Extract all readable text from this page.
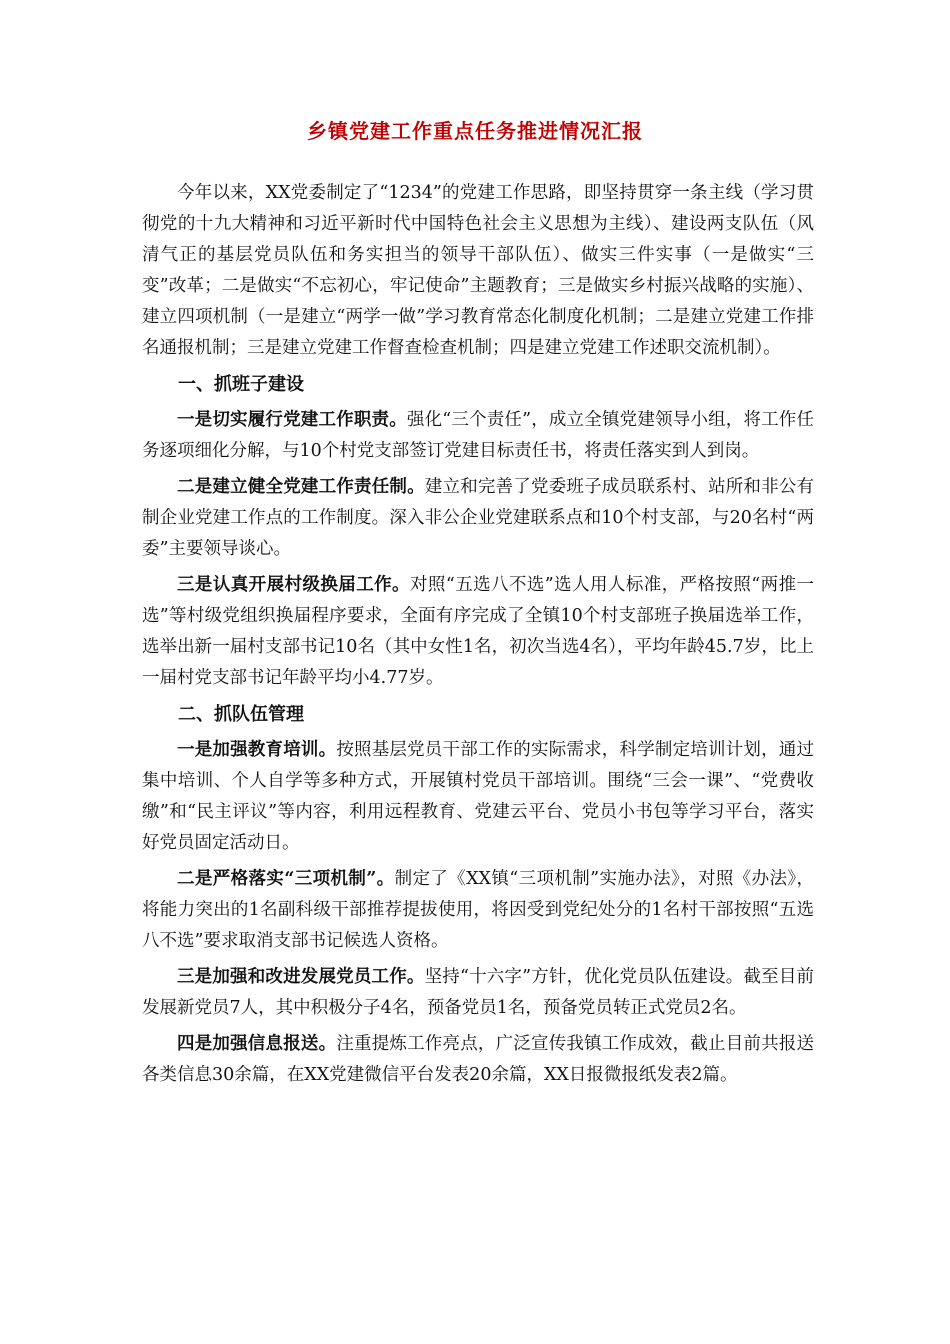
乡镇党建工作重点任务推进情况汇报

今年以来，XX党委制定了“1234”的党建工作思路，即坚持贯穿一条主线（学习贯彻党的十九大精神和习近平新时代中国特色社会主义思想为主线）、建设两支队伍（风清气正的基层党员队伍和务实担当的领导干部队伍）、做实三件实事（一是做实“三变”改革；二是做实“不忘初心，牢记使命”主题教育；三是做实乡村振兴战略的实施）、建立四项机制（一是建立“两学一做”学习教育常态化制度化机制；二是建立党建工作排名通报机制；三是建立党建工作督查检查机制；四是建立党建工作述职交流机制）。

一、抓班子建设

一是切实履行党建工作职责。强化“三个责任”，成立全镇党建领导小组，将工作任务逐项细化分解，与10个村党支部签订党建目标责任书，将责任落实到人到岗。

二是建立健全党建工作责任制。建立和完善了党委班子成员联系村、站所和非公有制企业党建工作点的工作制度。深入非公企业党建联系点和10个村支部，与20名村“两委”主要领导谈心。

三是认真开展村级换届工作。对照“五选八不选”选人用人标准，严格按照“两推一选”等村级党组织换届程序要求，全面有序完成了全镇10个村支部班子换届选举工作，选举出新一届村支部书记10名（其中女性1名，初次当选4名），平均年龄45.7岁，比上一届村党支部书记年龄平均小4.77岁。

二、抓队伍管理

一是加强教育培训。按照基层党员干部工作的实际需求，科学制定培训计划，通过集中培训、个人自学等多种方式，开展镇村党员干部培训。围绕“三会一课”、“党费收缴”和“民主评议”等内容，利用远程教育、党建云平台、党员小书包等学习平台，落实好党员固定活动日。

二是严格落实“三项机制”。制定了《XX镇“三项机制”实施办法》，对照《办法》，将能力突出的1名副科级干部推荐提拔使用，将因受到党纪处分的1名村干部按照“五选八不选”要求取消支部书记候选人资格。

三是加强和改进发展党员工作。坚持“十六字”方针，优化党员队伍建设。截至目前发展新党员7人，其中积极分子4名，预备党员1名，预备党员转正式党员2名。

四是加强信息报送。注重提炼工作亮点，广泛宣传我镇工作成效，截止目前共报送各类信息30余篇，在XX党建微信平台发表20余篇，XX日报微报纸发表2篇。
